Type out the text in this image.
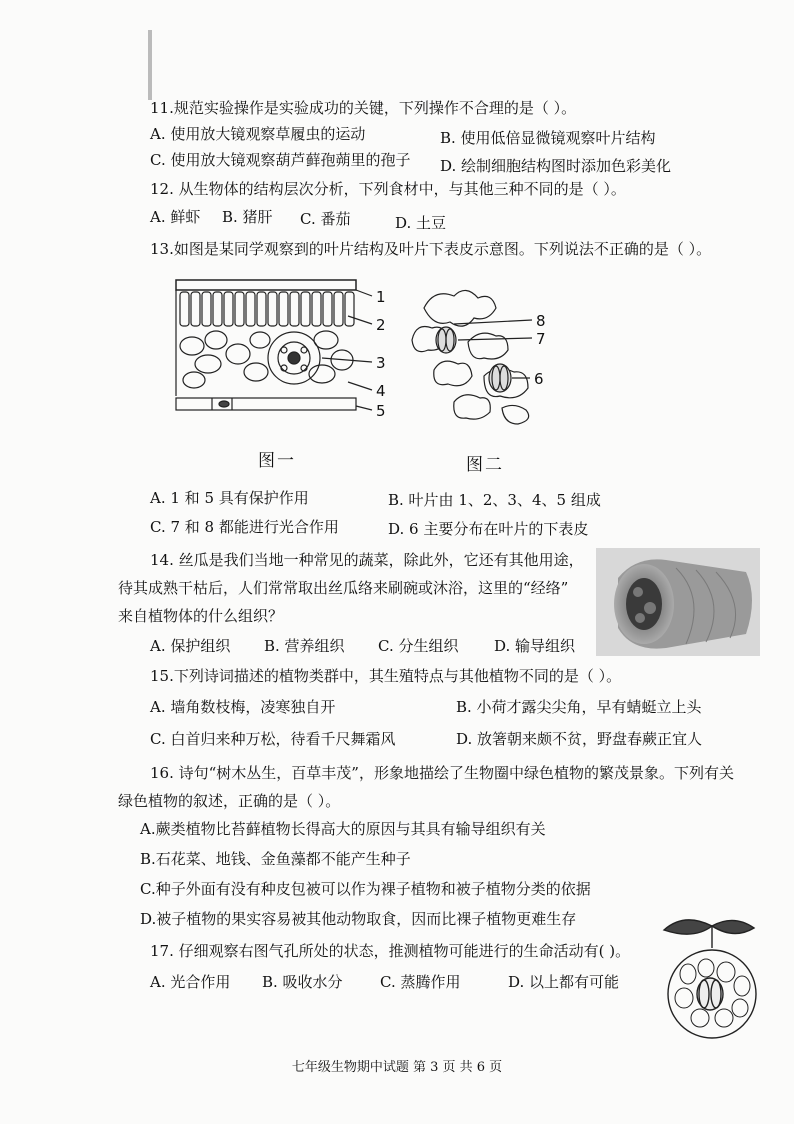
11.规范实验操作是实验成功的关键，下列操作不合理的是（ ）。
A. 使用放大镜观察草履虫的运动	B. 使用低倍显微镜观察叶片结构
C. 使用放大镜观察葫芦藓孢蒴里的孢子 D. 绘制细胞结构图时添加色彩美化
12. 从生物体的结构层次分析，下列食材中，与其他三种不同的是（ ）。
A. 鲜虾 B. 猪肝 C. 番茄	D. 土豆
13.如图是某同学观察到的叶片结构及叶片下表皮示意图。下列说法不正确的是（ ）。
1
2
3
4
5
8
7
6
图一	图二
A. 1 和 5 具有保护作用	B. 叶片由 1、2、3、4、5 组成
C. 7 和 8 都能进行光合作用	D. 6 主要分布在叶片的下表皮
14. 丝瓜是我们当地一种常见的蔬菜，除此外，它还有其他用途，
待其成熟干枯后，人们常常取出丝瓜络来刷碗或沐浴，这里的“经络”
来自植物体的什么组织？
A. 保护组织 B. 营养组织 C. 分生组织 D. 输导组织
15.下列诗词描述的植物类群中，其生殖特点与其他植物不同的是（ ）。
A. 墙角数枝梅，凌寒独自开	B. 小荷才露尖尖角，早有蜻蜓立上头
C. 白首归来种万松，待看千尺舞霜风	D. 放箸朝来颇不贫，野盘春蕨正宜人
16. 诗句“树木丛生，百草丰茂”，形象地描绘了生物圈中绿色植物的繁茂景象。下列有关
绿色植物的叙述，正确的是（ ）。
A.蕨类植物比苔藓植物长得高大的原因与其具有输导组织有关
B.石花菜、地钱、金鱼藻都不能产生种子
C.种子外面有没有种皮包被可以作为裸子植物和被子植物分类的依据
D.被子植物的果实容易被其他动物取食，因而比裸子植物更难生存
17. 仔细观察右图气孔所处的状态，推测植物可能进行的生命活动有( )。
A. 光合作用 B. 吸收水分 C. 蒸腾作用	D. 以上都有可能
七年级生物期中试题 第 3 页 共 6 页
